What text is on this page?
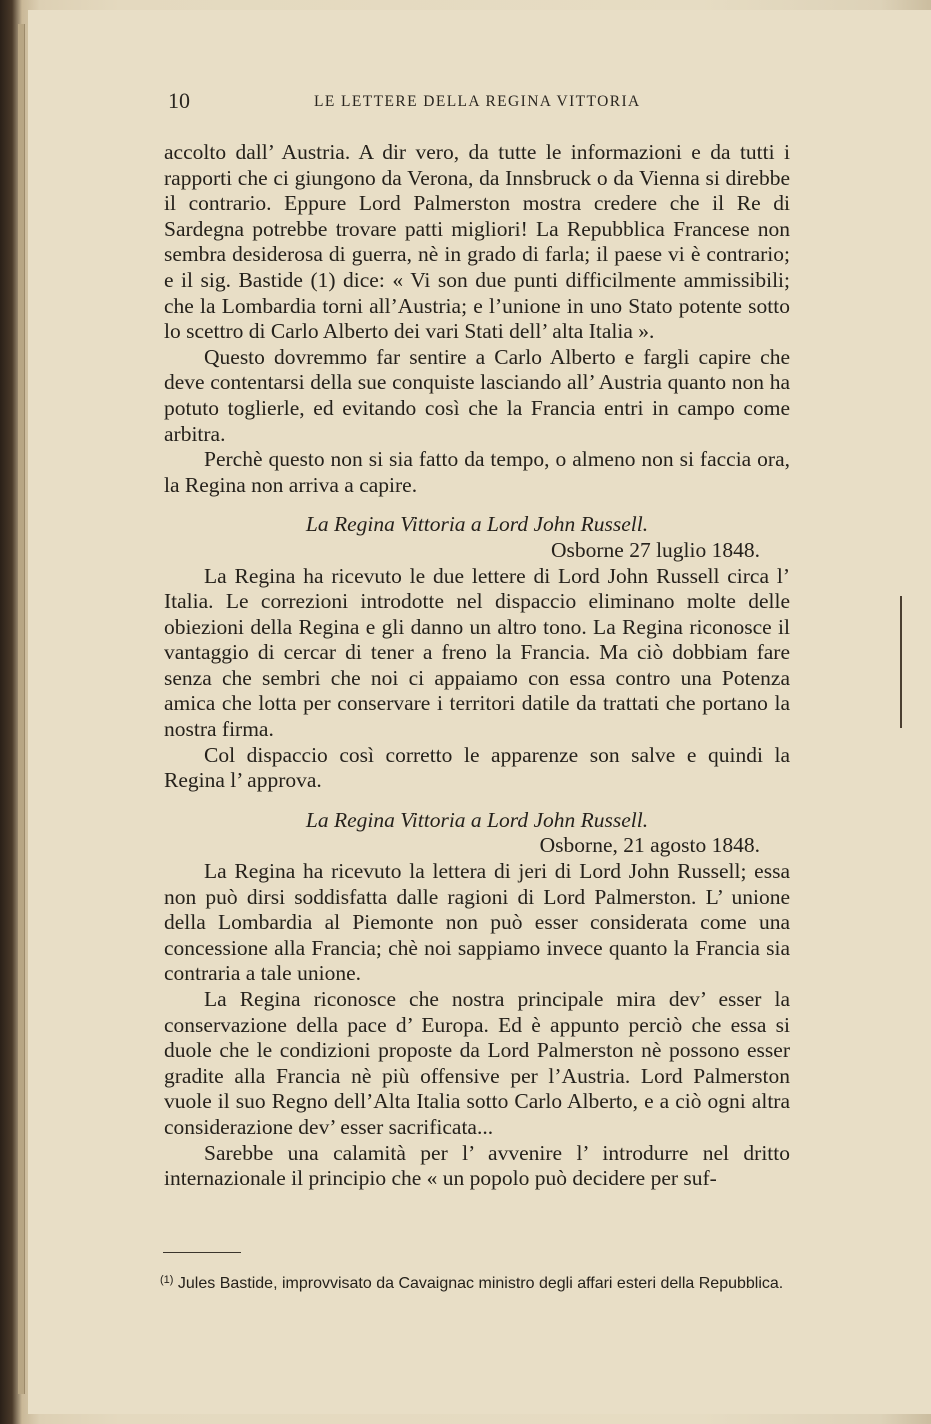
10	LE LETTERE DELLA REGINA VITTORIA

accolto dall’ Austria. A dir vero, da tutte le informazioni e da tutti i rapporti che ci giungono da Verona, da Innsbruck o da Vienna si direbbe il contrario. Eppure Lord Palmerston mostra credere che il Re di Sardegna potrebbe trovare patti migliori! La Repubblica Francese non sembra desiderosa di guerra, nè in grado di farla; il paese vi è contrario; e il sig. Bastide (1) dice: « Vi son due punti difficilmente ammissibili; che la Lombardia torni all’Austria; e l’unione in uno Stato potente sotto lo scettro di Carlo Alberto dei vari Stati dell’ alta Italia ».

Questo dovremmo far sentire a Carlo Alberto e fargli capire che deve contentarsi della sue conquiste lasciando all’ Austria quanto non ha potuto toglierle, ed evitando così che la Francia entri in campo come arbitra.

Perchè questo non si sia fatto da tempo, o almeno non si faccia ora, la Regina non arriva a capire.

La Regina Vittoria a Lord John Russell.

Osborne 27 luglio 1848.

La Regina ha ricevuto le due lettere di Lord John Russell circa l’ Italia. Le correzioni introdotte nel dispaccio eliminano molte delle obiezioni della Regina e gli danno un altro tono. La Regina riconosce il vantaggio di cercar di tener a freno la Francia. Ma ciò dobbiam fare senza che sembri che noi ci appaiamo con essa contro una Potenza amica che lotta per conservare i territori datile da trattati che portano la nostra firma.

Col dispaccio così corretto le apparenze son salve e quindi la Regina l’ approva.

La Regina Vittoria a Lord John Russell.

Osborne, 21 agosto 1848.

La Regina ha ricevuto la lettera di jeri di Lord John Russell; essa non può dirsi soddisfatta dalle ragioni di Lord Palmerston. L’ unione della Lombardia al Piemonte non può esser considerata come una concessione alla Francia; chè noi sappiamo invece quanto la Francia sia contraria a tale unione.

La Regina riconosce che nostra principale mira dev’ esser la conservazione della pace d’ Europa. Ed è appunto perciò che essa si duole che le condizioni proposte da Lord Palmerston nè possono esser gradite alla Francia nè più offensive per l’Austria. Lord Palmerston vuole il suo Regno dell’Alta Italia sotto Carlo Alberto, e a ciò ogni altra considerazione dev’ esser sacrificata...

Sarebbe una calamità per l’ avvenire l’ introdurre nel dritto internazionale il principio che « un popolo può decidere per suf-

$^{(1)}$ Jules Bastide, improvvisato da Cavaignac ministro degli affari esteri della Repubblica.
